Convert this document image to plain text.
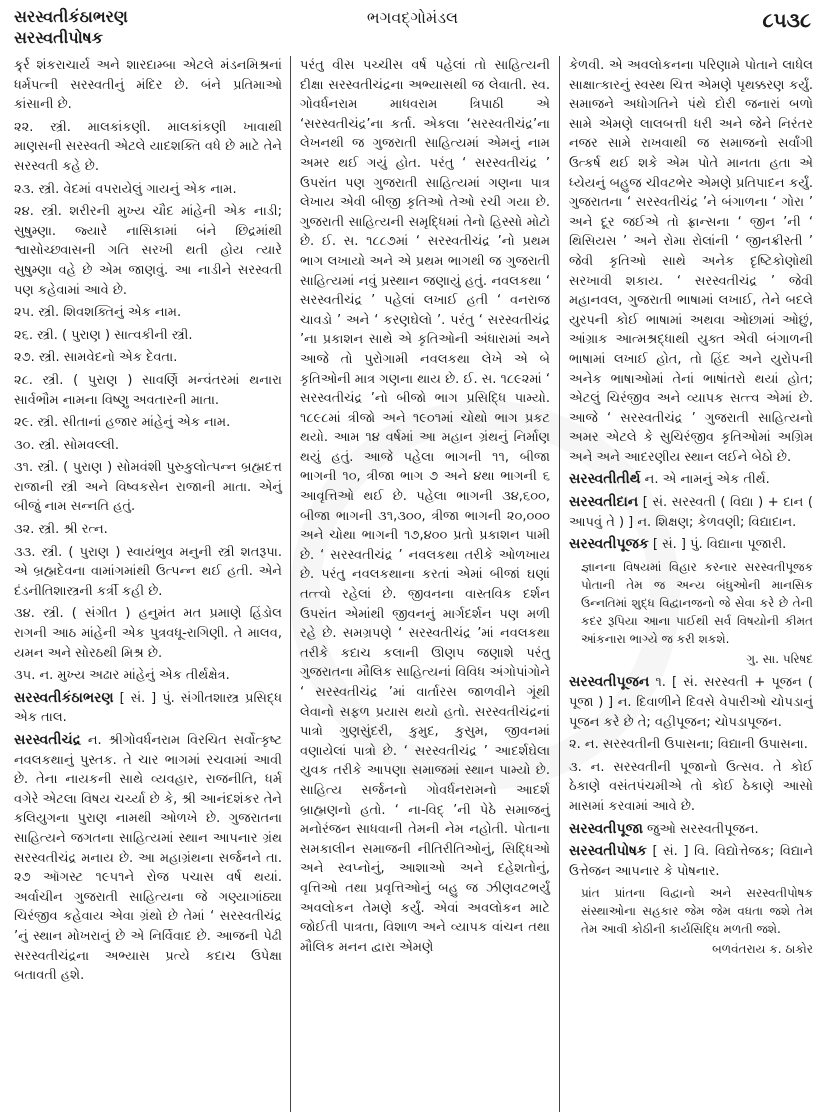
ભગવદ્ગોમંડલ
સરસ્વતીકંઠાભરણ
સરસ્વતીપોષક
૮૫૩૮

ર્ક્ર્ર શંકરાચાર્ય અને શારદામ્બા એટલે મંડનમિશ્રનાં ધર્મપત્ની સરસ્વતીનું મંદિર છે. બંને પ્રતિમાઓ કાંસાની છે.

૨૨. સ્ત્રી. માલકાંકણી. માલકાંકણી ખાવાથી માણસની સરસ્વતી એટલે યાદશક્તિ વધે છે માટે તેને સરસ્વતી કહે છે.

૨૩. સ્ત્રી. વેદમાં વપરાયેલું ગાયનું એક નામ.

૨૪. સ્ત્રી. શરીરની મુખ્ય ચૌદ માંહેની એક નાડી; સુષુમ્ણા. જ્યારે નાસિકામાં બંને છિદ્રમાંથી શ્વાસોચ્છ્વાસની ગતિ સરખી થતી હોય ત્યારે સુષુમ્ણા વહે છે એમ જાણવું. આ નાડીને સરસ્વતી પણ કહેવામાં આવે છે.

૨૫. સ્ત્રી. શિવશક્તિનું એક નામ.

૨૬. સ્ત્રી. ( પુરાણ ) સાત્વકીની સ્ત્રી.

૨૭. સ્ત્રી. સામવેદનો એક દેવતા.

૨૮. સ્ત્રી. ( પુરાણ ) સાવર્ણિ મન્વંતરમાં થનારા સાર્વભૌમ નામના વિષ્ણુ અવતારની માતા.

૨૯. સ્ત્રી. સીતાનાં હજાર માંહેનું એક નામ.

૩૦. સ્ત્રી. સોમવલ્લી.

૩૧. સ્ત્રી. ( પુરાણ ) સોમવંશી પુરુકુલોત્પન્ન બ્રહ્મદત્ત રાજાની સ્ત્રી અને વિષ્વકસેન રાજાની માતા. એનું બીજું નામ સન્નતિ હતું.

૩૨. સ્ત્રી. શ્રી રત્ન.

૩૩. સ્ત્રી. ( પુરાણ ) સ્વાયંભુવ મનુની સ્ત્રી શતરૂપા. એ બ્રહ્મદેવના વામાંગમાંથી ઉત્પન્ન થઈ હતી. એને દંડનીતિશાસ્ત્રની કર્ત્રી કહી છે.

૩૪. સ્ત્રી. ( સંગીત ) હનુમંત મત પ્રમાણે હિંડોલ રાગની આઠ માંહેની એક પુત્રવધૂ-રાગિણી. તે માલવ, યમન અને સોરઠથી મિશ્ર છે.

૩૫. ન. મુખ્ય અઢાર માંહેનું એક તીર્થક્ષેત્ર.

સરસ્વતીકંઠાભરણ [ સં. ] પું. સંગીતશાસ્ત્ર પ્રસિદ્ધ એક તાલ.

સરસ્વતીચંદ્ર ન. શ્રીગોવર્ધનરામ વિરચિત સર્વોત્કૃષ્ટ નવલકથાનું પુસ્તક. તે ચાર ભાગમાં રચવામાં આવી છે. તેના નાયકની સાથે વ્યવહાર, રાજનીતિ, ધર્મ વગેરે એટલા વિષય ચર્ચ્યા છે કે, શ્રી આનંદશંકર તેને કલિયુગના પુરાણ નામથી ઓળખે છે. ગુજરાતના સાહિત્યને જગતના સાહિત્યમાં સ્થાન આપનાર ગ્રંથ સરસ્વતીચંદ્ર મનાય છે. આ મહાગ્રંથના સર્જનને તા. ૨૭ ઑગસ્ટ ૧૯૫૧ને રોજ પચાસ વર્ષ થયાં. અર્વાચીન ગુજરાતી સાહિત્યના જે ગણ્યાગાંઠ્યા ચિરંજીવ કહેવાય એવા ગ્રંથો છે તેમાં ‘ સરસ્વતીચંદ્ર ’નું સ્થાન મોખરાનું છે એ નિર્વિવાદ છે. આજની પેઢી સરસ્વતીચંદ્રના અભ્યાસ પ્રત્યે કદાચ ઉપેક્ષા બતાવતી હશે.

પરંતુ વીસ પચ્ચીસ વર્ષ પહેલાં તો સાહિત્યની દીક્ષા સરસ્વતીચંદ્રના અભ્યાસથી જ લેવાતી. સ્વ. ગોવર્ધનરામ માધવરામ ત્રિપાઠી એ ‘સરસ્વતીચંદ્ર’ના કર્તા. એકલા ‘સરસ્વતીચંદ્ર’ના લેખનથી જ ગુજરાતી સાહિત્યમાં એમનું નામ અમર થઈ ગયું હોત. પરંતુ ‘ સરસ્વતીચંદ્ર ’ ઉપરાંત પણ ગુજરાતી સાહિત્યમાં ગણના પાત્ર લેખાય એવી બીજી કૃતિઓ તેઓ રચી ગયા છે. ગુજરાતી સાહિત્યની સમૃદ્ધિમાં તેનો હિસ્સો મોટો છે. ઈ. સ. ૧૮૮૭માં ‘ સરસ્વતીચંદ્ર ’નો પ્રથમ ભાગ લખાયો અને એ પ્રથમ ભાગથી જ ગુજરાતી સાહિત્યમાં નવું પ્રસ્થાન જણાયું હતું. નવલકથા ‘ સરસ્વતીચંદ્ર ’ પહેલાં લખાઈ હતી ‘ વનરાજ ચાવડો ’ અને ‘ કરણઘેલો ’. પરંતુ ‘ સરસ્વતીચંદ્ર ’ના પ્રકાશન સાથે એ કૃતિઓની અંધારામાં અને આજે તો પુરોગામી નવલકથા લેખે એ બે કૃતિઓની માત્ર ગણના થાય છે. ઈ. સ. ૧૮૯૨માં ‘ સરસ્વતીચંદ્ર ’નો બીજો ભાગ પ્રસિદ્ધિ પામ્યો. ૧૮૯૮માં ત્રીજો અને ૧૯૦૧માં ચોથો ભાગ પ્રકટ થયો. આમ ૧૪ વર્ષમાં આ મહાન ગ્રંથનું નિર્માણ થયું હતું. આજે પહેલા ભાગની ૧૧, બીજા ભાગની ૧૦, ત્રીજા ભાગ ૭ અને ૪થા ભાગની ૬ આવૃત્તિઓ થઈ છે. પહેલા ભાગની ૩૪,૬૦૦, બીજા ભાગની ૩૧,૩૦૦, ત્રીજા ભાગની ૨૦,૦૦૦ અને ચોથા ભાગની ૧૭,૪૦૦ પ્રતો પ્રકાશન પામી છે. ‘ સરસ્વતીચંદ્ર ’ નવલકથા તરીકે ઓળખાય છે. પરંતુ નવલકથાના કરતાં એમાં બીજાં ઘણાં તત્ત્વો રહેલાં છે. જીવનના વાસ્તવિક દર્શન ઉપરાંત એમાંથી જીવનનું માર્ગદર્શન પણ મળી રહે છે. સમગ્રપણે ‘ સરસ્વતીચંદ્ર ’માં નવલકથા તરીકે કદાચ કલાની ઊણપ જણાશે પરંતુ ગુજરાતના મૌલિક સાહિત્યનાં વિવિધ અંગોપાંગોને ‘ સરસ્વતીચંદ્ર ’માં વાર્તારસ જાળવીને ગૂંથી લેવાનો સફળ પ્રયાસ થયો હતો. સરસ્વતીચંદ્રનાં પાત્રો ગુણસુંદરી, કુમુદ, કુસુમ, જીવનમાં વણાયેલાં પાત્રો છે. ‘ સરસ્વતીચંદ્ર ’ આદર્શઘેલા યુવક તરીકે આપણા સમાજમાં સ્થાન પામ્યો છે. સાહિત્ય સર્જનનો ગોવર્ધનરામનો આદર્શ બ્રાહ્મણનો હતો. ‘ ના-વિદ્ ’ની પેઠે સમાજનું મનોરંજન સાધવાની તેમની નેમ નહોતી. પોતાના સમકાલીન સમાજની નીતિરીતિઓનું, સિદ્ધિઓ અને સ્વપ્નોનું, આશાઓ અને દહેશતોનું, વૃત્તિઓ તથા પ્રવૃત્તિઓનું બહુ જ ઝીણવટભર્યું અવલોકન તેમણે કર્યું. એવાં અવલોકન માટે જોઈતી પાત્રતા, વિશાળ અને વ્યાપક વાંચન તથા મૌલિક મનન દ્વારા એમણે

કેળવી. એ અવલોકનના પરિણામે પોતાને લાધેલ સાક્ષાત્કારનું સ્વસ્થ ચિત્ત એમણે પૃથક્કરણ કર્યું. સમાજને અધોગતિને પંથે દોરી જનારાં બળો સામે એમણે લાલબત્તી ધરી અને જેને નિરંતર નજર સામે રાખવાથી જ સમાજનો સર્વાંગી ઉત્કર્ષ થઈ શકે એમ પોતે માનતા હતા એ ધ્યેયનું બહુજ ચીવટભેર એમણે પ્રતિપાદન કર્યું. ગુજરાતના ‘ સરસ્વતીચંદ્ર ’ને બંગાળના ‘ ગોરા ’ અને દૂર જઈએ તો ફ્રાન્સના ‘ જીન ’ની ‘ થિસિયસ ’ અને રોમા રોલાંની ‘ જીનક્રીસ્તી ’ જેવી કૃતિઓ સાથે અનેક દૃષ્ટિકોણોથી સરખાવી શકાય. ‘ સરસ્વતીચંદ્ર ’ જેવી મહાનવલ, ગુજરાતી ભાષામાં લખાઈ, તેને બદલે યુરપની કોઈ ભાષામાં અથવા ઓછામાં ઓછું, આંગ્રાક આત્મશ્રદ્ધાથી યુક્ત એવી બંગાળની ભાષામાં લખાઈ હોત, તો હિંદ અને યુરોપની અનેક ભાષાઓમાં તેનાં ભાષાંતરો થયાં હોત; એટલું ચિરંજીવ અને વ્યાપક સત્ત્વ એમાં છે. આજે ‘ સરસ્વતીચંદ્ર ’ ગુજરાતી સાહિત્યનો અમર એટલે કે સુચિરંજીવ કૃતિઓમાં અગ્રિમ અને અને આદરણીય સ્થાન લઈને બેઠો છે.

સરસ્વતીતીર્થ ન. એ નામનું એક તીર્થ.

સરસ્વતીદાન [ સં. સરસ્વતી ( વિદ્યા ) + દાન ( આપવું તે ) ] ન. શિક્ષણ; કેળવણી; વિદ્યાદાન.

સરસ્વતીપૂજક [ સં. ] પું. વિદ્યાના પૂજારી.

જ્ઞાનના વિષયમાં વિહાર કરનાર સરસ્વતીપૂજક પોતાની તેમ જ અન્ય બંધુઓની માનસિક ઉન્નતિમાં શુદ્ધ વિદ્વાનજનો જે સેવા કરે છે તેની કદર રૂપિયા આના પાઈથી સર્વ વિષયોની કીમત આંકનારા ભાગ્યે જ કરી શકશે.

ગુ. સા. પરિષદ

સરસ્વતીપૂજન ૧. [ સં. સરસ્વતી + પૂજન ( પૂજા ) ] ન. દિવાળીને દિવસે વેપારીઓ ચોપડાનું પૂજન કરે છે તે; વહીપૂજન; ચોપડાપૂજન.

૨. ન. સરસ્વતીની ઉપાસના; વિદ્યાની ઉપાસના.

૩. ન. સરસ્વતીની પૂજાનો ઉત્સવ. તે કોઈ ઠેકાણે વસંતપંચમીએ તો કોઈ ઠેકાણે આસો માસમાં કરવામાં આવે છે.

સરસ્વતીપૂજા જુઓ સરસ્વતીપૂજન.

સરસ્વતીપોષક [ સં. ] વિ. વિદ્યોત્તેજક; વિદ્યાને ઉત્તેજન આપનાર કે પોષનાર.

પ્રાંત પ્રાંતના વિદ્વાનો અને સરસ્વતીપોષક સંસ્થાઓના સહકાર જેમ જેમ વધતા જશે તેમ તેમ આવી કોઠીની કાર્યસિદ્ધિ મળતી જશે.

બળવંતરાય ક. ઠાકોર
